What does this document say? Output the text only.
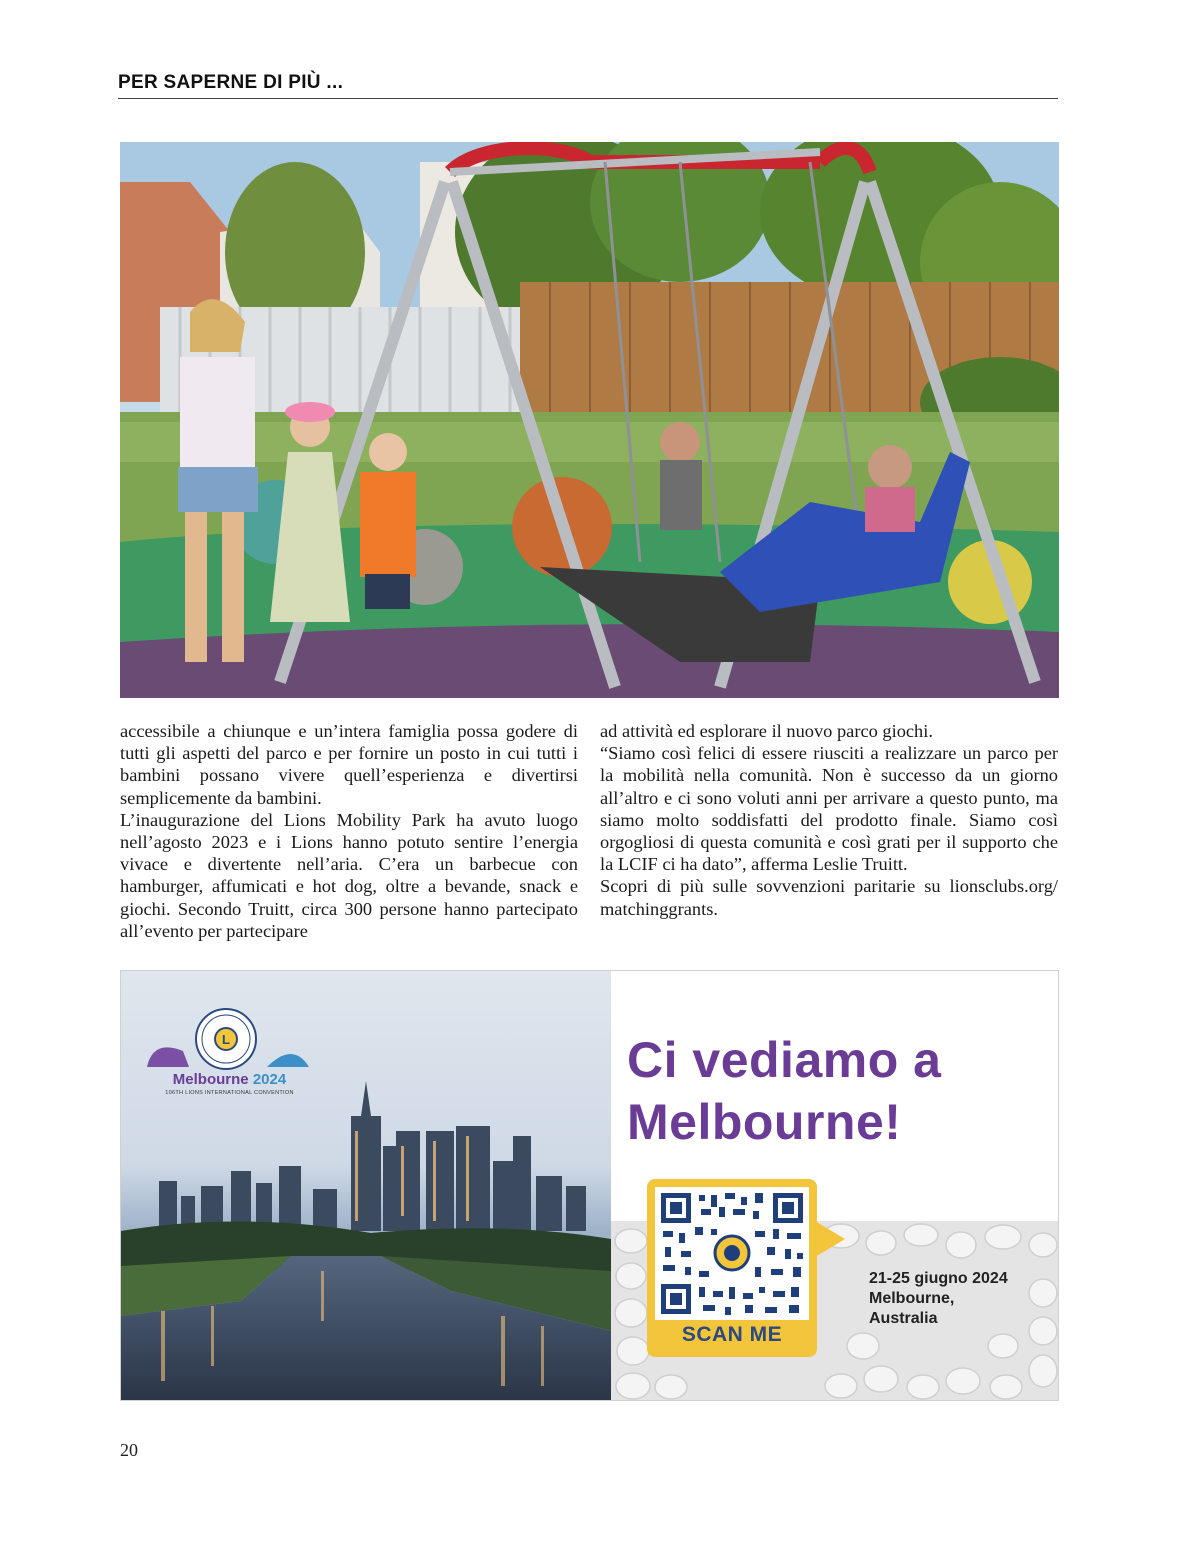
PER SAPERNE DI PIÙ ...

accessibile a chiunque e un’intera famiglia possa godere di tutti gli aspetti del parco e per fornire un posto in cui tutti i bambini possano vivere quell’esperienza e divertirsi semplicemente da bambini.

L’inaugurazione del Lions Mobility Park ha avuto luogo nell’agosto 2023 e i Lions hanno potuto sentire l’energia vivace e divertente nell’aria. C’era un barbecue con hamburger, affumicati e hot dog, oltre a bevande, snack e giochi. Secondo Truitt, circa 300 persone hanno partecipato all’evento per partecipare

ad attività ed esplorare il nuovo parco giochi.

“Siamo così felici di essere riusciti a realizzare un parco per la mobilità nella comunità. Non è successo da un giorno all’altro e ci sono voluti anni per arrivare a questo punto, ma siamo molto soddisfatti del prodotto finale. Siamo così orgogliosi di questa comunità e così grati per il supporto che la LCIF ci ha dato”, afferma Leslie Truitt.

Scopri di più sulle sovvenzioni paritarie su lionsclubs.org/ matchinggrants.

L
Melbourne 2024
106TH LIONS INTERNATIONAL CONVENTION
Ci vediamo a
Melbourne!
SCAN ME
21-25 giugno 2024
Melbourne,
Australia
20
